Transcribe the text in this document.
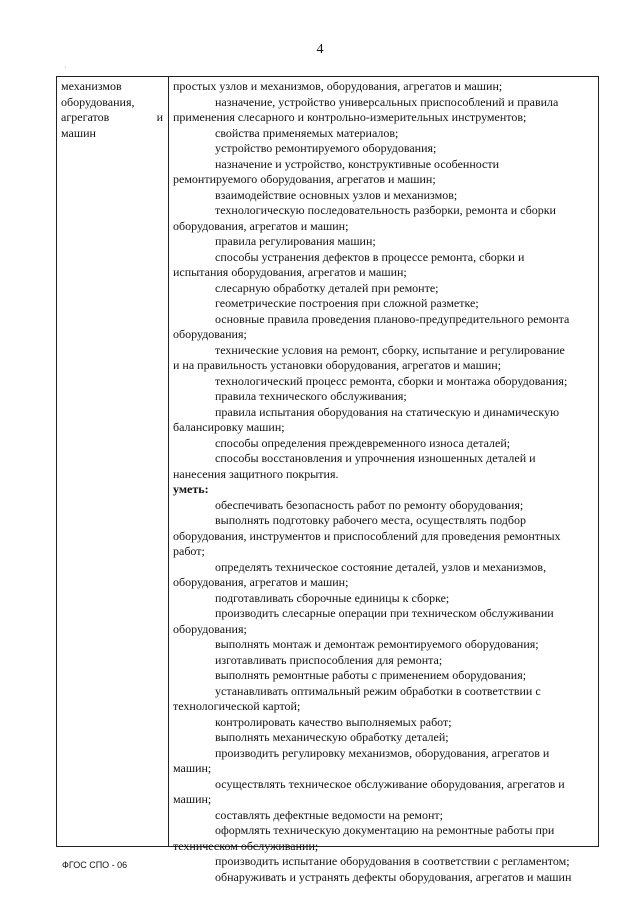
4
механизмов
оборудования,
агрегатов	и
машин

простых узлов и механизмов, оборудования, агрегатов и машин;

назначение, устройство универсальных приспособлений и правила

применения слесарного и контрольно-измерительных инструментов;

свойства применяемых материалов;

устройство ремонтируемого оборудования;

назначение и устройство, конструктивные особенности

ремонтируемого оборудования, агрегатов и машин;

взаимодействие основных узлов и механизмов;

технологическую последовательность разборки, ремонта и сборки

оборудования, агрегатов и машин;

правила регулирования машин;

способы устранения дефектов в процессе ремонта, сборки и

испытания оборудования, агрегатов и машин;

слесарную обработку деталей при ремонте;

геометрические построения при сложной разметке;

основные правила проведения планово-предупредительного ремонта

оборудования;

технические условия на ремонт, сборку, испытание и регулирование

и на правильность установки оборудования, агрегатов и машин;

технологический процесс ремонта, сборки и монтажа оборудования;

правила технического обслуживания;

правила испытания оборудования на статическую и динамическую

балансировку машин;

способы определения преждевременного износа деталей;

способы восстановления и упрочнения изношенных деталей и

нанесения защитного покрытия.

уметь:

обеспечивать безопасность работ по ремонту оборудования;

выполнять подготовку рабочего места, осуществлять подбор

оборудования, инструментов и приспособлений для проведения ремонтных

работ;

определять техническое состояние деталей, узлов и механизмов,

оборудования, агрегатов и машин;

подготавливать сборочные единицы к сборке;

производить слесарные операции при техническом обслуживании

оборудования;

выполнять монтаж и демонтаж ремонтируемого оборудования;

изготавливать приспособления для ремонта;

выполнять ремонтные работы с применением оборудования;

устанавливать оптимальный режим обработки в соответствии с

технологической картой;

контролировать качество выполняемых работ;

выполнять механическую обработку деталей;

производить регулировку механизмов, оборудования, агрегатов и

машин;

осуществлять техническое обслуживание оборудования, агрегатов и

машин;

составлять дефектные ведомости на ремонт;

оформлять техническую документацию на ремонтные работы при

техническом обслуживании;

производить испытание оборудования в соответствии с регламентом;

обнаруживать и устранять дефекты оборудования, агрегатов и машин

ФГОС СПО - 06
·
